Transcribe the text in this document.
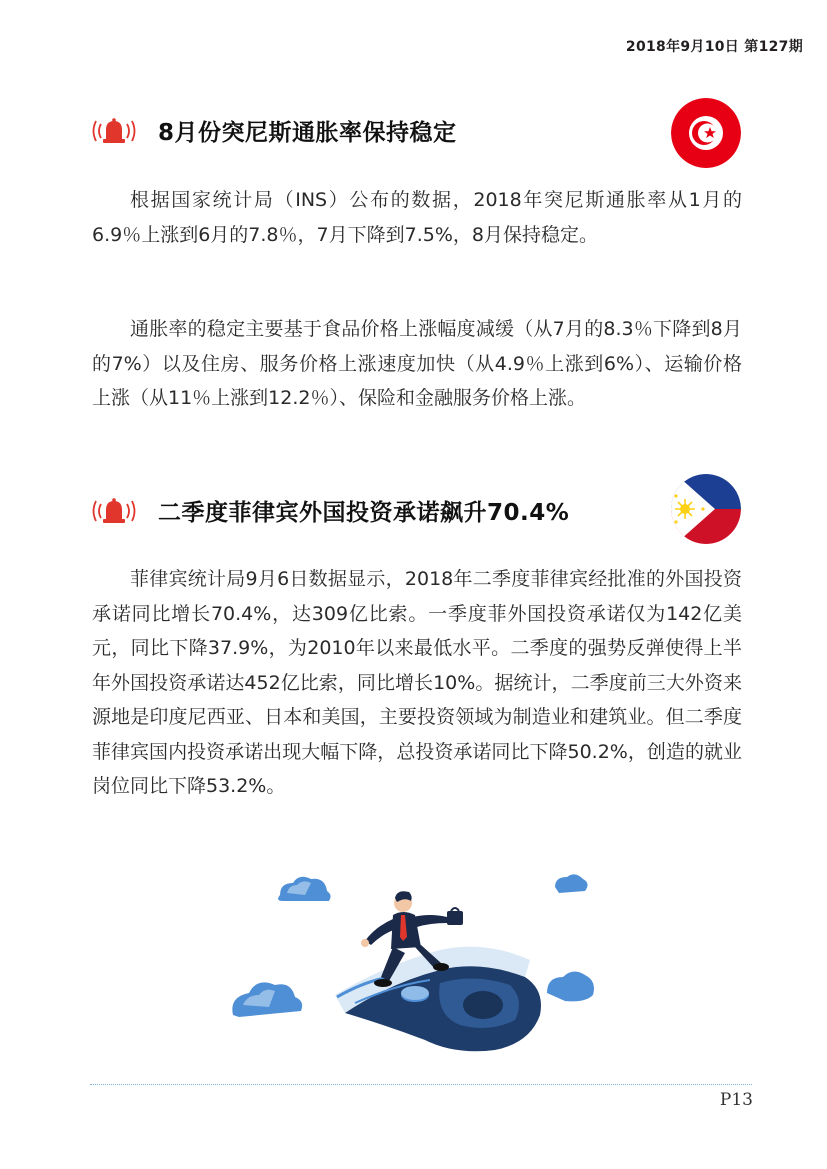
2018年9月10日 第127期
8月份突尼斯通胀率保持稳定

根据国家统计局（INS）公布的数据，2018年突尼斯通胀率从1月的6.9％上涨到6月的7.8％，7月下降到7.5%，8月保持稳定。

通胀率的稳定主要基于食品价格上涨幅度减缓（从7月的8.3％下降到8月的7%）以及住房、服务价格上涨速度加快（从4.9％上涨到6%）、运输价格上涨（从11％上涨到12.2％）、保险和金融服务价格上涨。

二季度菲律宾外国投资承诺飙升70.4%

菲律宾统计局9月6日数据显示，2018年二季度菲律宾经批准的外国投资承诺同比增长70.4%，达309亿比索。一季度菲外国投资承诺仅为142亿美元，同比下降37.9%，为2010年以来最低水平。二季度的强势反弹使得上半年外国投资承诺达452亿比索，同比增长10%。据统计，二季度前三大外资来源地是印度尼西亚、日本和美国，主要投资领域为制造业和建筑业。但二季度菲律宾国内投资承诺出现大幅下降，总投资承诺同比下降50.2%，创造的就业岗位同比下降53.2%。

P13
